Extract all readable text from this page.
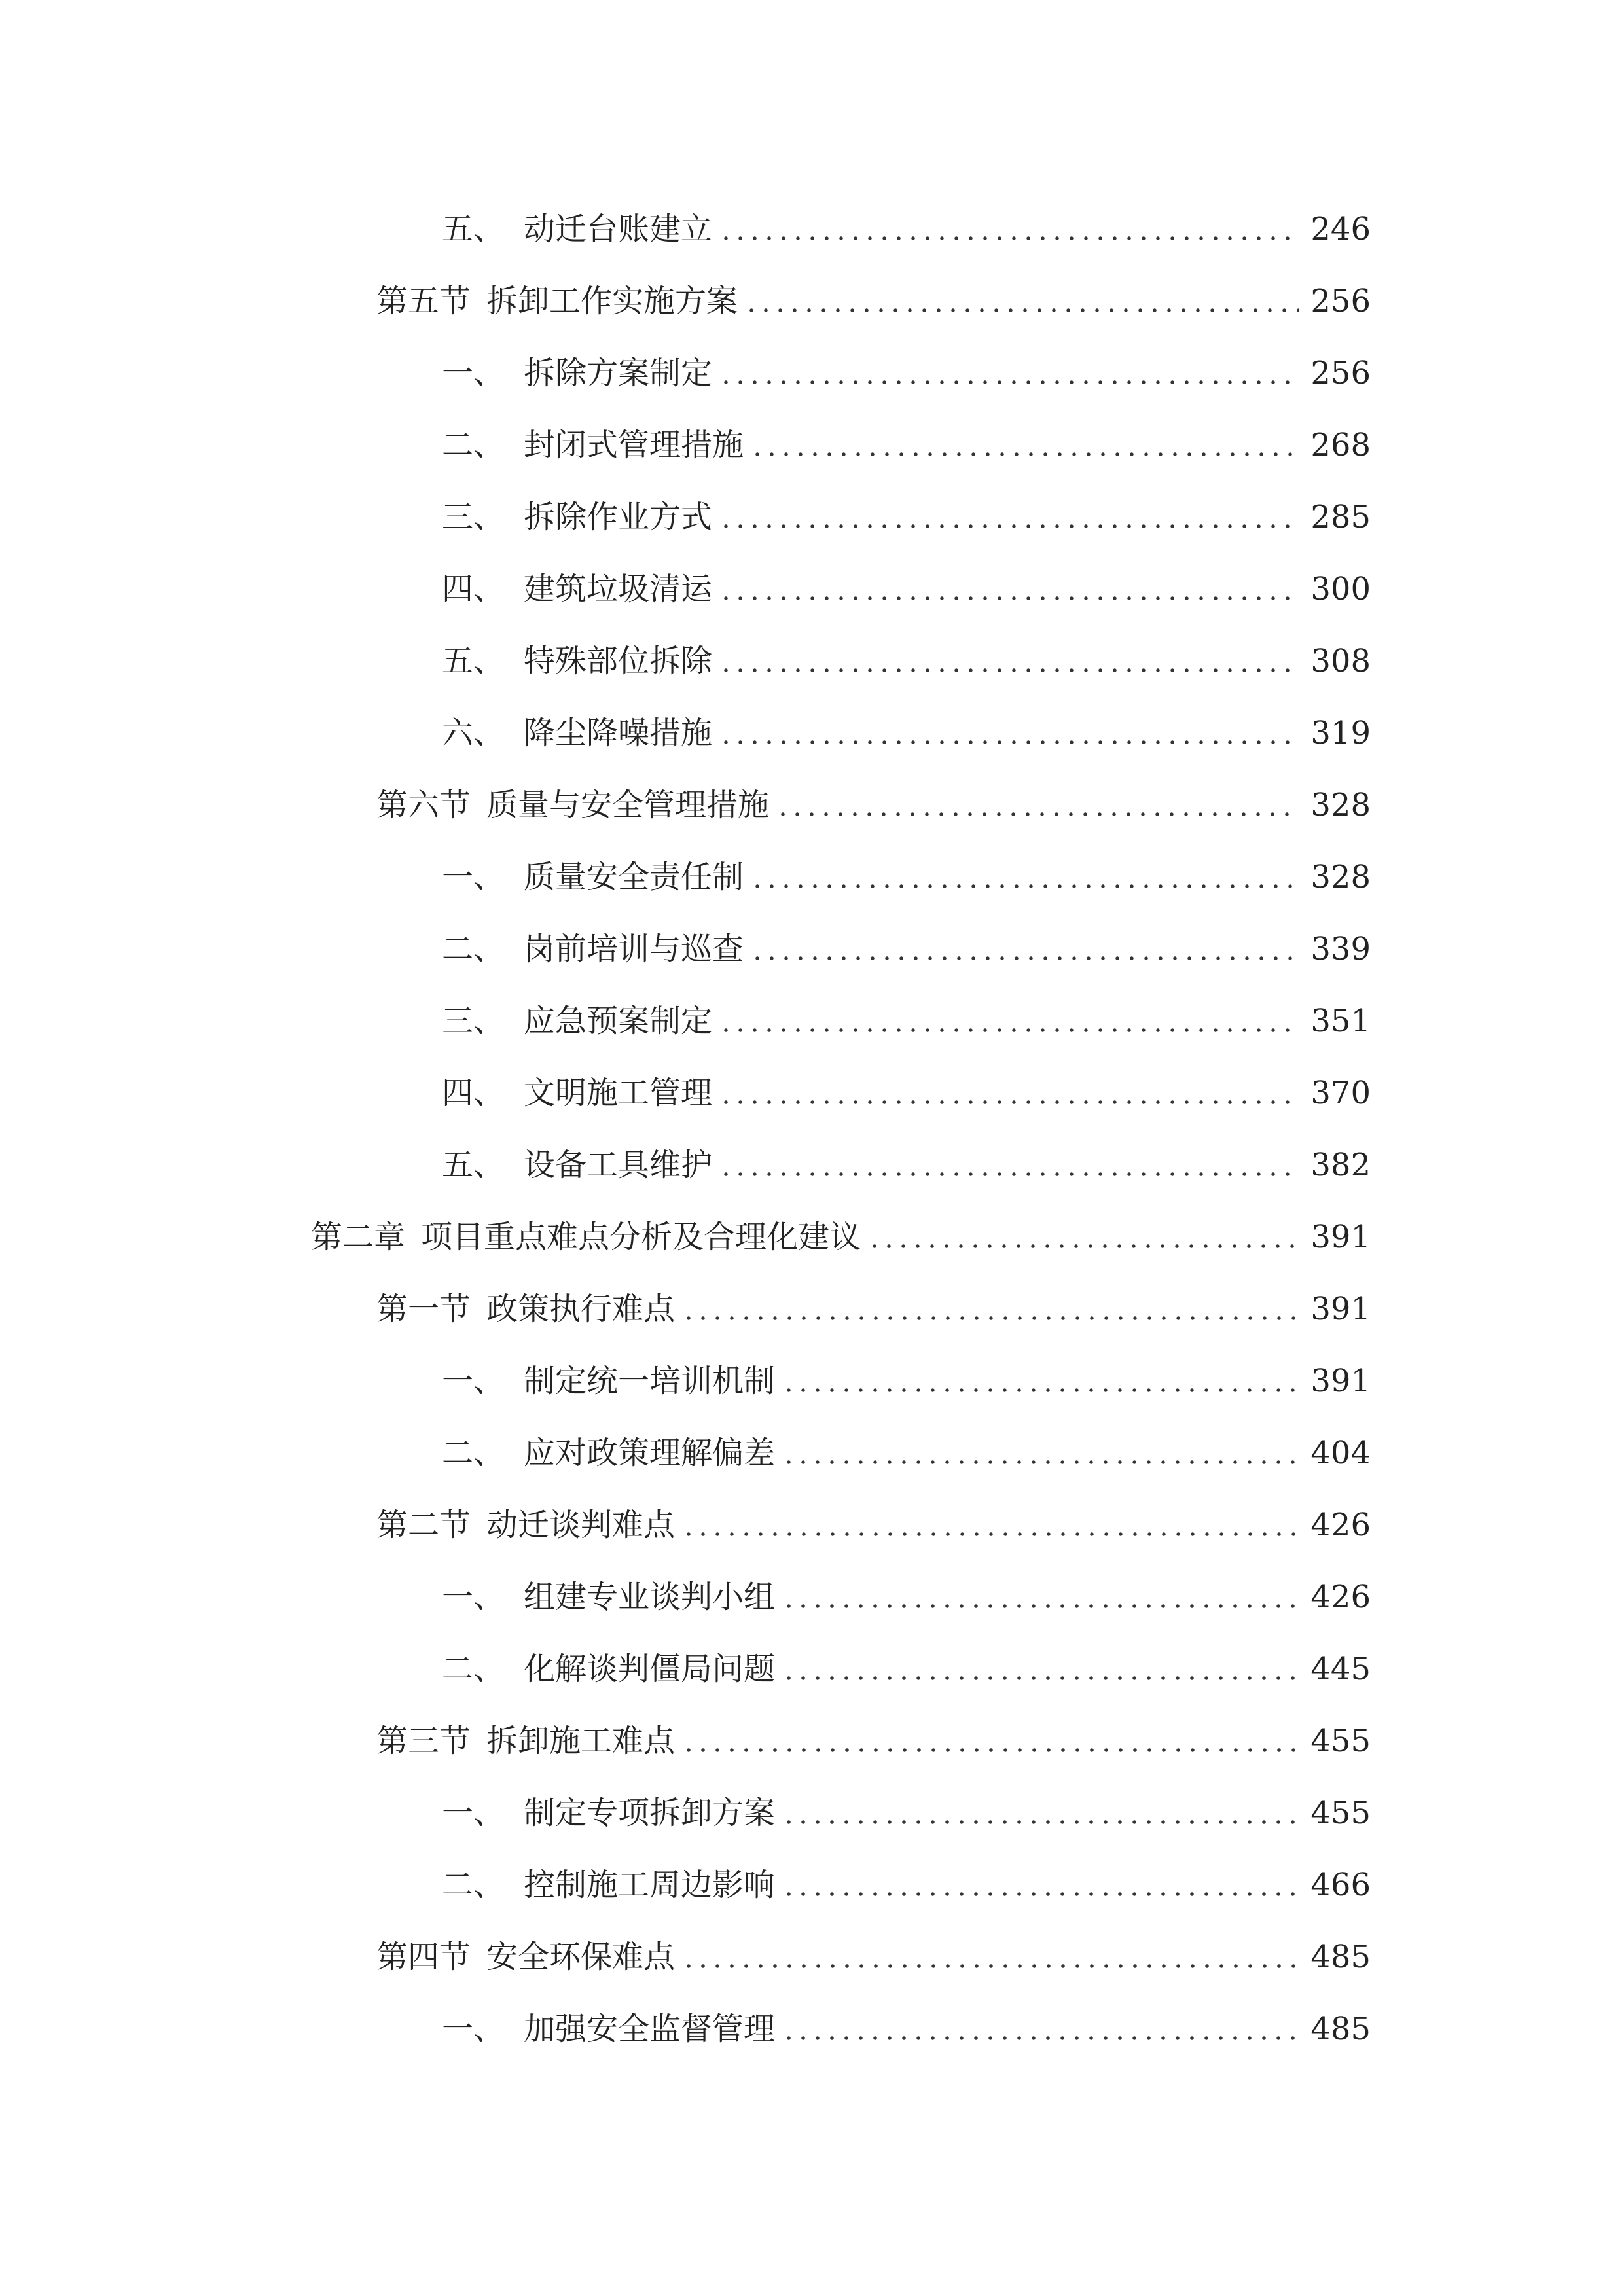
五、 动迁台账建立	246
第五节 拆卸工作实施方案	256
一、 拆除方案制定	256
二、 封闭式管理措施	268
三、 拆除作业方式	285
四、 建筑垃圾清运	300
五、 特殊部位拆除	308
六、 降尘降噪措施	319
第六节 质量与安全管理措施	328
一、 质量安全责任制	328
二、 岗前培训与巡查	339
三、 应急预案制定	351
四、 文明施工管理	370
五、 设备工具维护	382
第二章 项目重点难点分析及合理化建议	391
第一节 政策执行难点	391
一、 制定统一培训机制	391
二、 应对政策理解偏差	404
第二节 动迁谈判难点	426
一、 组建专业谈判小组	426
二、 化解谈判僵局问题	445
第三节 拆卸施工难点	455
一、 制定专项拆卸方案	455
二、 控制施工周边影响	466
第四节 安全环保难点	485
一、 加强安全监督管理	485
